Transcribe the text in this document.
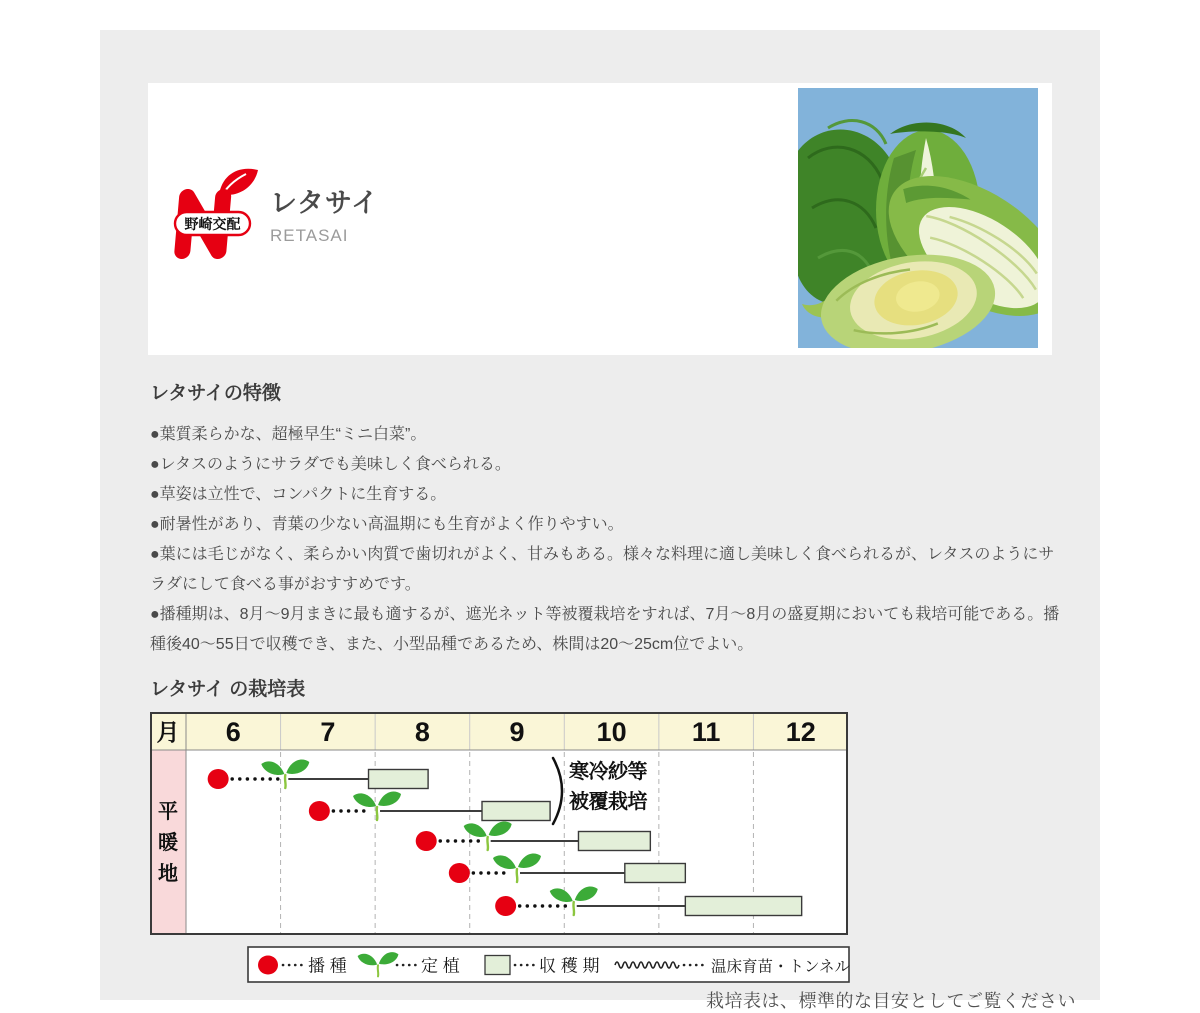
野崎交配
レタサイ
RETASAI
レタサイの特徴

●葉質柔らかな、超極早生“ミニ白菜”。

●レタスのようにサラダでも美味しく食べられる。

●草姿は立性で、コンパクトに生育する。

●耐暑性があり、青葉の少ない高温期にも生育がよく作りやすい。

●葉には毛じがなく、柔らかい肉質で歯切れがよく、甘みもある。様々な料理に適し美味しく食べられるが、レタスのようにサラダにして食べる事がおすすめです。

●播種期は、8月〜9月まきに最も適するが、遮光ネット等被覆栽培をすれば、7月〜8月の盛夏期においても栽培可能である。播種後40〜55日で収穫でき、また、小型品種であるため、株間は20〜25cm位でよい。

レタサイ の栽培表
月 6	7	8	9	10 11 12
平
暖
地
寒冷紗等
被覆栽培
播 種	定 植	収 穫 期	温床育苗・トンネル
栽培表は、標準的な目安としてご覧ください
